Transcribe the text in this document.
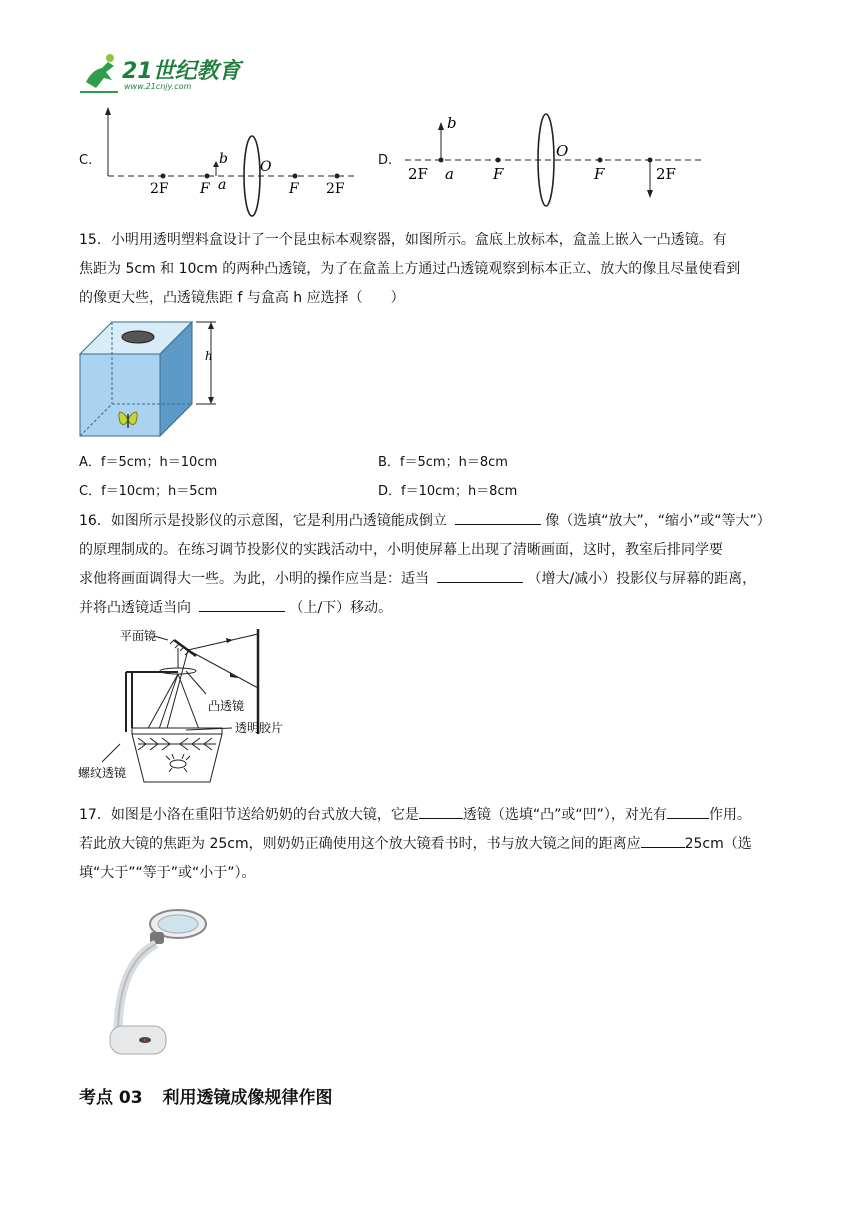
21世纪教育
www.21cnjy.com
C.
2F F a
b O
F 2F
D.
2F a
b
F
O
F	2F
15．小明用透明塑料盒设计了一个昆虫标本观察器，如图所示。盒底上放标本，盒盖上嵌入一凸透镜。有
焦距为 5cm 和 10cm 的两种凸透镜，为了在盒盖上方通过凸透镜观察到标本正立、放大的像且尽量使看到
的像更大些，凸透镜焦距 f 与盒高 h 应选择（　　）
h
A．f＝5cm；h＝10cm	B．f＝5cm；h＝8cm
C．f＝10cm；h＝5cm	D．f＝10cm；h＝8cm
16．如图所示是投影仪的示意图，它是利用凸透镜能成倒立	像（选填“放大”，“缩小”或“等大”）
的原理制成的。在练习调节投影仪的实践活动中，小明使屏幕上出现了清晰画面，这时，教室后排同学要
求他将画面调得大一些。为此，小明的操作应当是：适当	（增大/减小）投影仪与屏幕的距离，
并将凸透镜适当向	（上/下）移动。
平面镜
凸透镜
透明胶片
螺纹透镜
17．如图是小洛在重阳节送给奶奶的台式放大镜，它是	透镜（选填“凸”或“凹”），对光有	作用。
若此放大镜的焦距为 25cm，则奶奶正确使用这个放大镜看书时，书与放大镜之间的距离应	25cm（选
填“大于”“等于”或“小于”）。
考点 03 利用透镜成像规律作图
